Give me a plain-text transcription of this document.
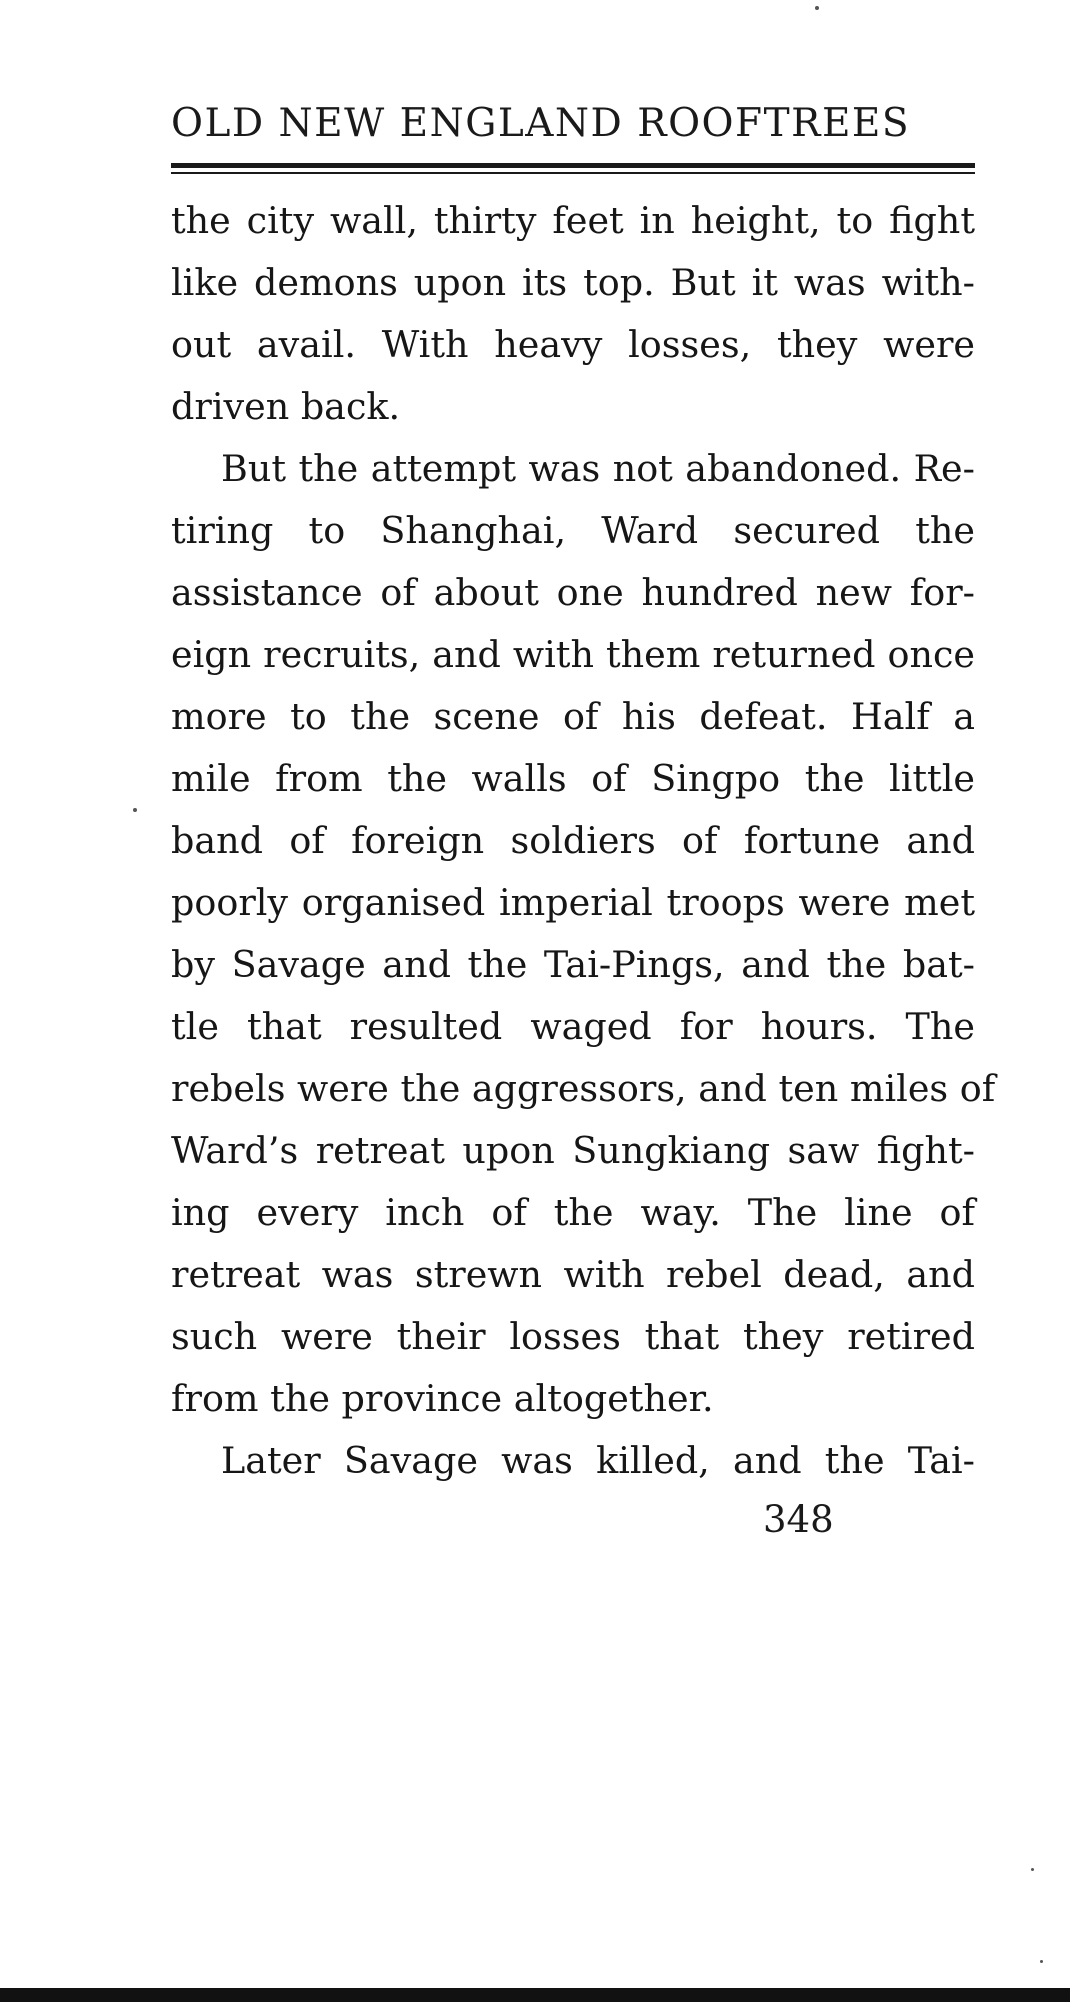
OLD NEW ENGLAND ROOFTREES
the city wall, thirty feet in height, to fight
like demons upon its top. But it was with-
out avail. With heavy losses, they were
driven back.
But the attempt was not abandoned. Re-
tiring to Shanghai, Ward secured the
assistance of about one hundred new for-
eign recruits, and with them returned once
more to the scene of his defeat. Half a
mile from the walls of Singpo the little
band of foreign soldiers of fortune and
poorly organised imperial troops were met
by Savage and the Tai-Pings, and the bat-
tle that resulted waged for hours. The
rebels were the aggressors, and ten miles of
Ward’s retreat upon Sungkiang saw fight-
ing every inch of the way. The line of
retreat was strewn with rebel dead, and
such were their losses that they retired
from the province altogether.
Later Savage was killed, and the Tai-
348
